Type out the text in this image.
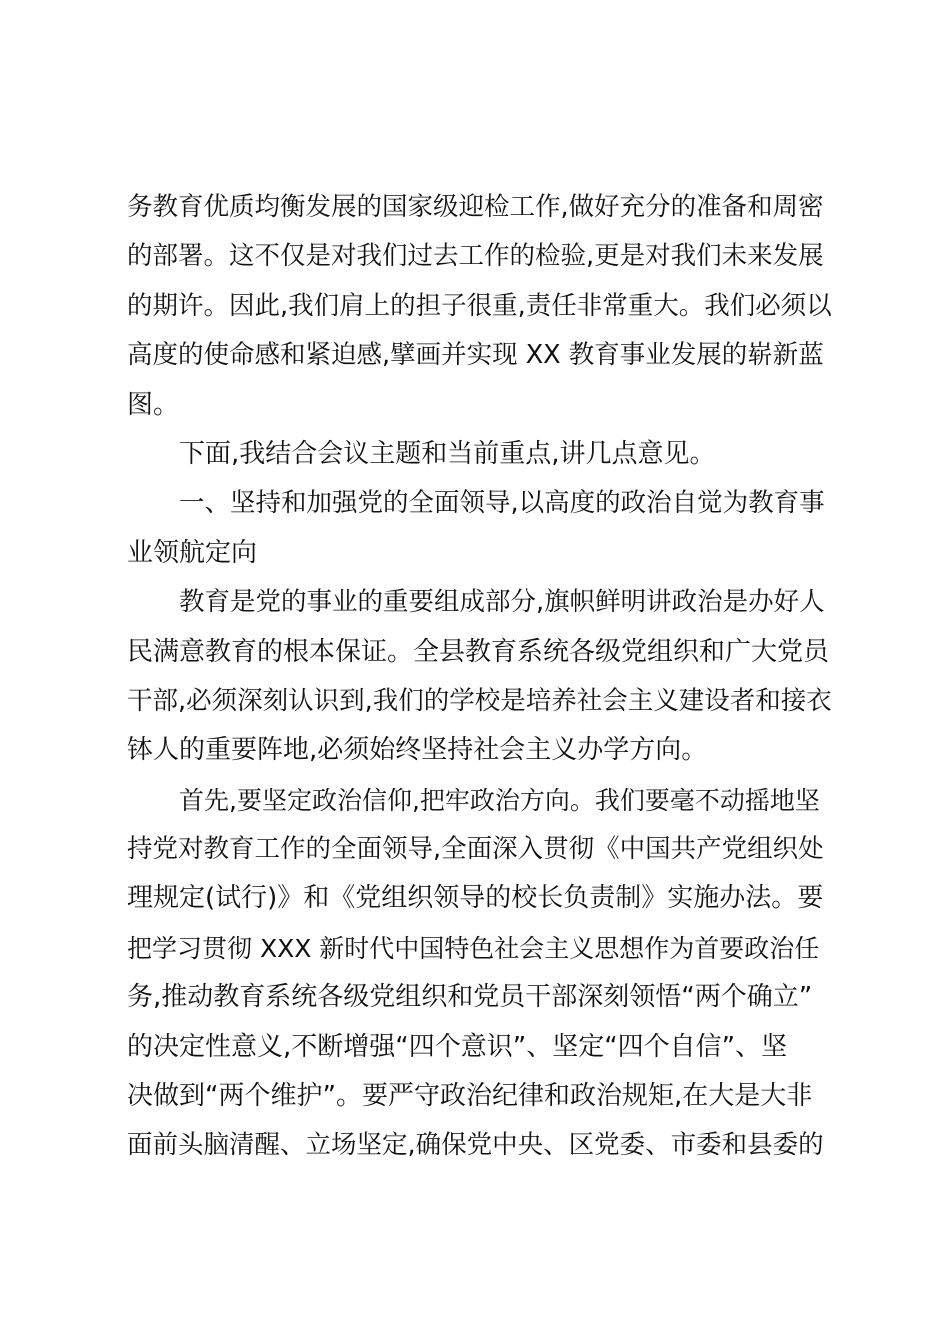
务教育优质均衡发展的国家级迎检工作,做好充分的准备和周密
的部署。这不仅是对我们过去工作的检验,更是对我们未来发展
的期许。因此,我们肩上的担子很重,责任非常重大。我们必须以
高度的使命感和紧迫感,擘画并实现 XX 教育事业发展的崭新蓝
图。
下面,我结合会议主题和当前重点,讲几点意见。
一、坚持和加强党的全面领导,以高度的政治自觉为教育事
业领航定向
教育是党的事业的重要组成部分,旗帜鲜明讲政治是办好人
民满意教育的根本保证。全县教育系统各级党组织和广大党员
干部,必须深刻认识到,我们的学校是培养社会主义建设者和接衣
钵人的重要阵地,必须始终坚持社会主义办学方向。
首先,要坚定政治信仰,把牢政治方向。我们要毫不动摇地坚
持党对教育工作的全面领导,全面深入贯彻《中国共产党组织处
理规定(试行)》和《党组织领导的校长负责制》实施办法。要
把学习贯彻 XXX 新时代中国特色社会主义思想作为首要政治任
务,推动教育系统各级党组织和党员干部深刻领悟“两个确立”
的决定性意义,不断增强“四个意识”、坚定“四个自信”、坚
决做到“两个维护”。要严守政治纪律和政治规矩,在大是大非
面前头脑清醒、立场坚定,确保党中央、区党委、市委和县委的
